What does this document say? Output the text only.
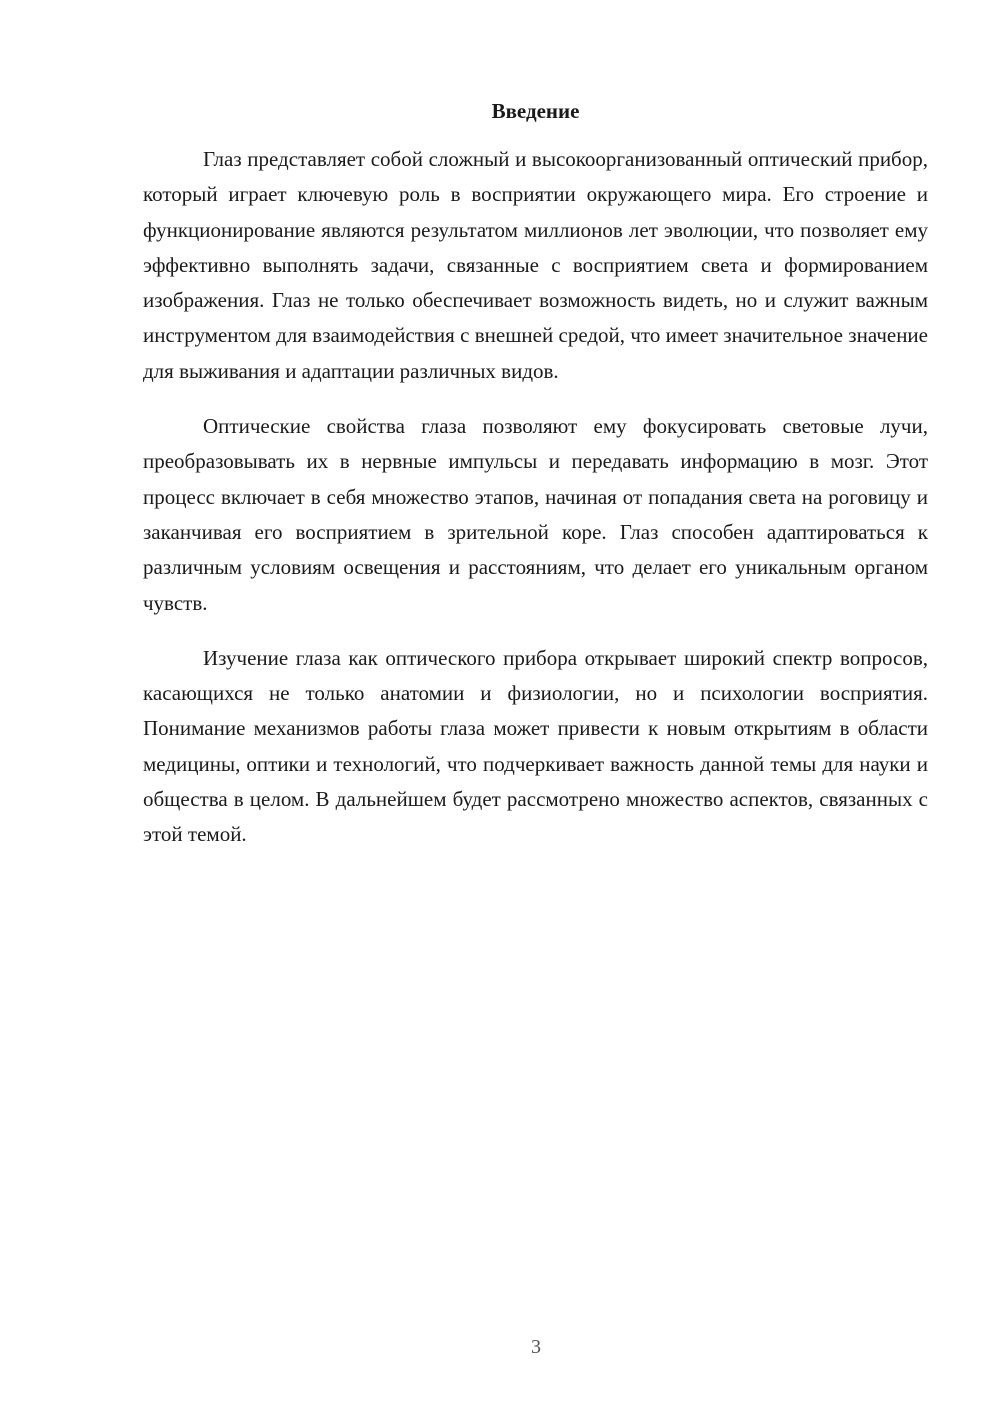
Введение

Глаз представляет собой сложный и высокоорганизованный оптический прибор, который играет ключевую роль в восприятии окружающего мира. Его строение и функционирование являются результатом миллионов лет эволюции, что позволяет ему эффективно выполнять задачи, связанные с восприятием света и формированием изображения. Глаз не только обеспечивает возможность видеть, но и служит важным инструментом для взаимодействия с внешней средой, что имеет значительное значение для выживания и адаптации различных видов.

Оптические свойства глаза позволяют ему фокусировать световые лучи, преобразовывать их в нервные импульсы и передавать информацию в мозг. Этот процесс включает в себя множество этапов, начиная от попадания света на роговицу и заканчивая его восприятием в зрительной коре. Глаз способен адаптироваться к различным условиям освещения и расстояниям, что делает его уникальным органом чувств.

Изучение глаза как оптического прибора открывает широкий спектр вопросов, касающихся не только анатомии и физиологии, но и психологии восприятия. Понимание механизмов работы глаза может привести к новым открытиям в области медицины, оптики и технологий, что подчеркивает важность данной темы для науки и общества в целом. В дальнейшем будет рассмотрено множество аспектов, связанных с этой темой.

3
